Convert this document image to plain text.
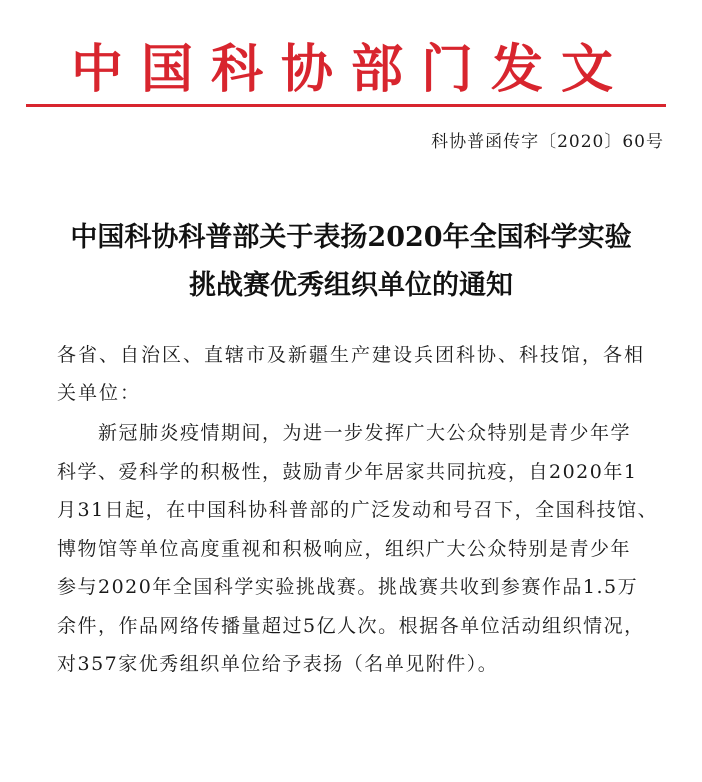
中国科协部门发文
科协普函传字〔2020〕60号
中国科协科普部关于表扬2020年全国科学实验
挑战赛优秀组织单位的通知
各省、自治区、直辖市及新疆生产建设兵团科协、科技馆，各相
关单位：
　　新冠肺炎疫情期间，为进一步发挥广大公众特别是青少年学
科学、爱科学的积极性，鼓励青少年居家共同抗疫，自2020年1
月31日起，在中国科协科普部的广泛发动和号召下，全国科技馆、
博物馆等单位高度重视和积极响应，组织广大公众特别是青少年
参与2020年全国科学实验挑战赛。挑战赛共收到参赛作品1.5万
余件，作品网络传播量超过5亿人次。根据各单位活动组织情况，
对357家优秀组织单位给予表扬（名单见附件）。
